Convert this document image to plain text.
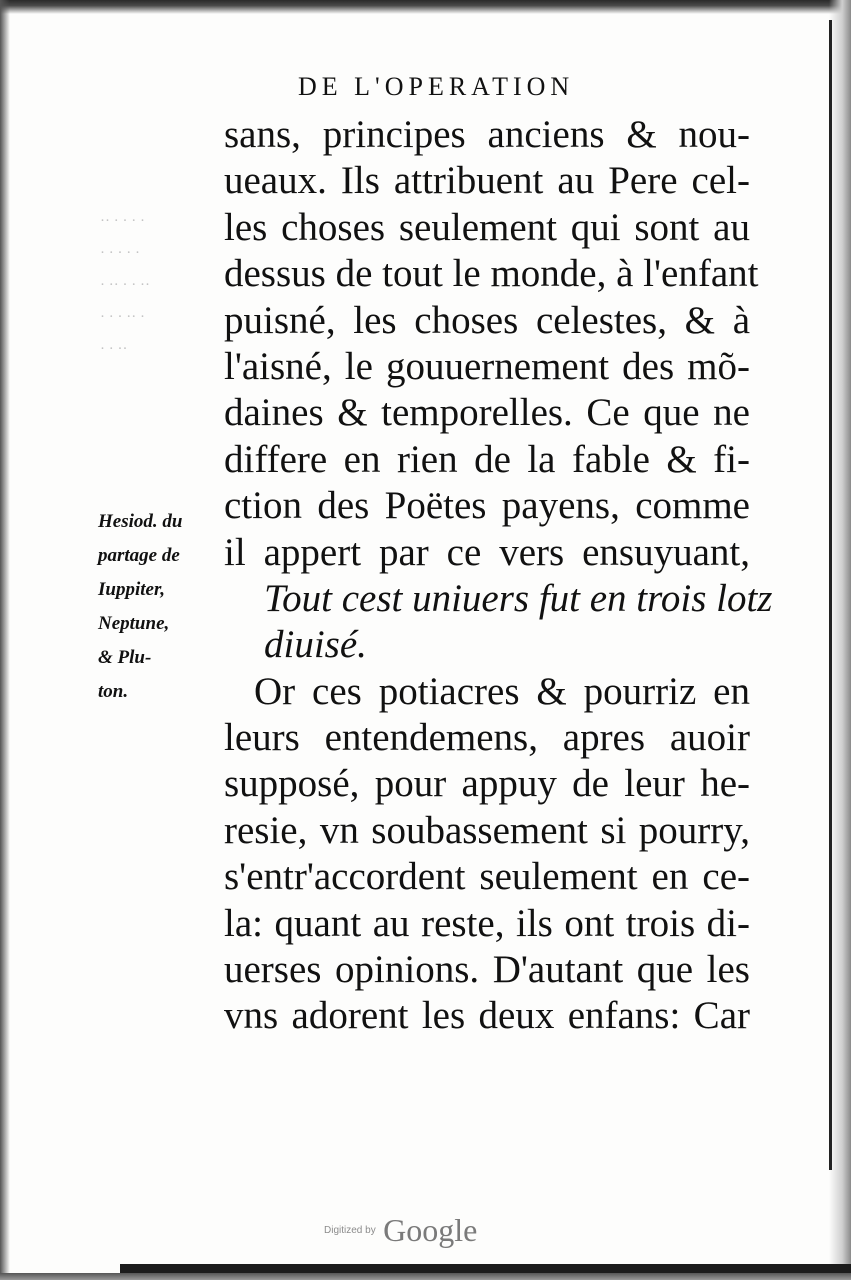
·· · · · ·
· · · · ·
· ·· · · ··
· · · ·· ·
· · ··
DE L'OPERATION
sans, principes anciens & nou-
ueaux. Ils attribuent au Pere cel-
les choses seulement qui sont au
dessus de tout le monde, à l'enfant
puisné, les choses celestes, & à
l'aisné, le gouuernement des mõ-
daines & temporelles. Ce que ne
differe en rien de la fable & fi-
ction des Poëtes payens, comme
il appert par ce vers ensuyuant,
Tout cest uniuers fut en trois lotz
diuisé.
Or ces potiacres & pourriz en
leurs entendemens, apres auoir
supposé, pour appuy de leur he-
resie, vn soubassement si pourry,
s'entr'accordent seulement en ce-
la: quant au reste, ils ont trois di-
uerses opinions. D'autant que les
vns adorent les deux enfans: Car
Hesiod. du
partage de
Iuppiter,
Neptune,
& Plu-
ton.
Digitized by Google
